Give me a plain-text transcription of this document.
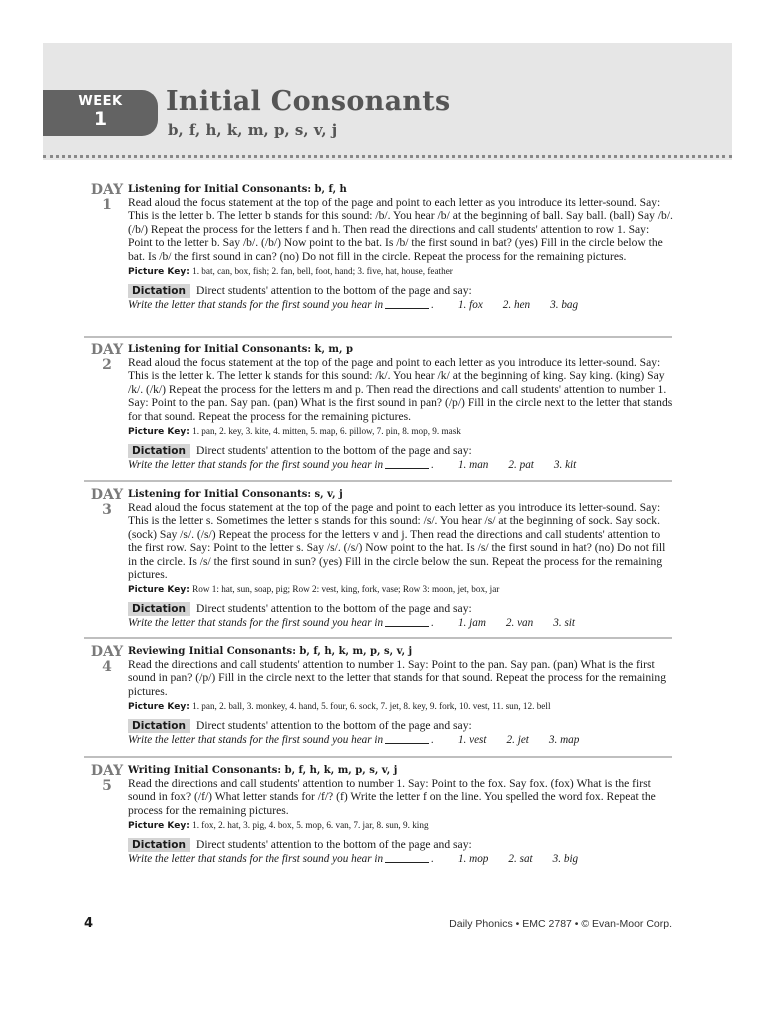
WEEK
1
Initial Consonants
b, f, h, k, m, p, s, v, j
DAY
1

Listening for Initial Consonants: b, f, h

Read aloud the focus statement at the top of the page and point to each letter as you introduce its letter-sound. Say: This is the letter b. The letter b stands for this sound: /b/. You hear /b/ at the beginning of ball. Say ball. (ball) Say /b/. (/b/) Repeat the process for the letters f and h. Then read the directions and call students' attention to row 1. Say: Point to the letter b. Say /b/. (/b/) Now point to the bat. Is /b/ the first sound in bat? (yes) Fill in the circle below the bat. Is /b/ the first sound in can? (no) Do not fill in the circle. Repeat the process for the remaining pictures.

Picture Key: 1. bat, can, box, fish; 2. fan, bell, foot, hand; 3. five, hat, house, feather

Dictation Direct students' attention to the bottom of the page and say:
Write the letter that stands for the first sound you hear in	. 1. fox 2. hen 3. bag
DAY
2

Listening for Initial Consonants: k, m, p

Read aloud the focus statement at the top of the page and point to each letter as you introduce its letter-sound. Say: This is the letter k. The letter k stands for this sound: /k/. You hear /k/ at the beginning of king. Say king. (king) Say /k/. (/k/) Repeat the process for the letters m and p. Then read the directions and call students' attention to number 1. Say: Point to the pan. Say pan. (pan) What is the first sound in pan? (/p/) Fill in the circle next to the letter that stands for that sound. Repeat the process for the remaining pictures.

Picture Key: 1. pan, 2. key, 3. kite, 4. mitten, 5. map, 6. pillow, 7. pin, 8. mop, 9. mask

Dictation Direct students' attention to the bottom of the page and say:
Write the letter that stands for the first sound you hear in	. 1. man 2. pat 3. kit
DAY
3

Listening for Initial Consonants: s, v, j

Read aloud the focus statement at the top of the page and point to each letter as you introduce its letter-sound. Say: This is the letter s. Sometimes the letter s stands for this sound: /s/. You hear /s/ at the beginning of sock. Say sock. (sock) Say /s/. (/s/) Repeat the process for the letters v and j. Then read the directions and call students' attention to the first row. Say: Point to the letter s. Say /s/. (/s/) Now point to the hat. Is /s/ the first sound in hat? (no) Do not fill in the circle. Is /s/ the first sound in sun? (yes) Fill in the circle below the sun. Repeat the process for the remaining pictures.

Picture Key: Row 1: hat, sun, soap, pig; Row 2: vest, king, fork, vase; Row 3: moon, jet, box, jar

Dictation Direct students' attention to the bottom of the page and say:
Write the letter that stands for the first sound you hear in	. 1. jam 2. van 3. sit
DAY
4

Reviewing Initial Consonants: b, f, h, k, m, p, s, v, j

Read the directions and call students' attention to number 1. Say: Point to the pan. Say pan. (pan) What is the first sound in pan? (/p/) Fill in the circle next to the letter that stands for that sound. Repeat the process for the remaining pictures.

Picture Key: 1. pan, 2. ball, 3. monkey, 4. hand, 5. four, 6. sock, 7. jet, 8. key, 9. fork, 10. vest, 11. sun, 12. bell

Dictation Direct students' attention to the bottom of the page and say:
Write the letter that stands for the first sound you hear in	. 1. vest 2. jet 3. map
DAY
5

Writing Initial Consonants: b, f, h, k, m, p, s, v, j

Read the directions and call students' attention to number 1. Say: Point to the fox. Say fox. (fox) What is the first sound in fox? (/f/) What letter stands for /f/? (f) Write the letter f on the line. You spelled the word fox. Repeat the process for the remaining pictures.

Picture Key: 1. fox, 2. hat, 3. pig, 4. box, 5. mop, 6. van, 7. jar, 8. sun, 9. king

Dictation Direct students' attention to the bottom of the page and say:
Write the letter that stands for the first sound you hear in	. 1. mop 2. sat 3. big
4	Daily Phonics • EMC 2787 • © Evan-Moor Corp.
